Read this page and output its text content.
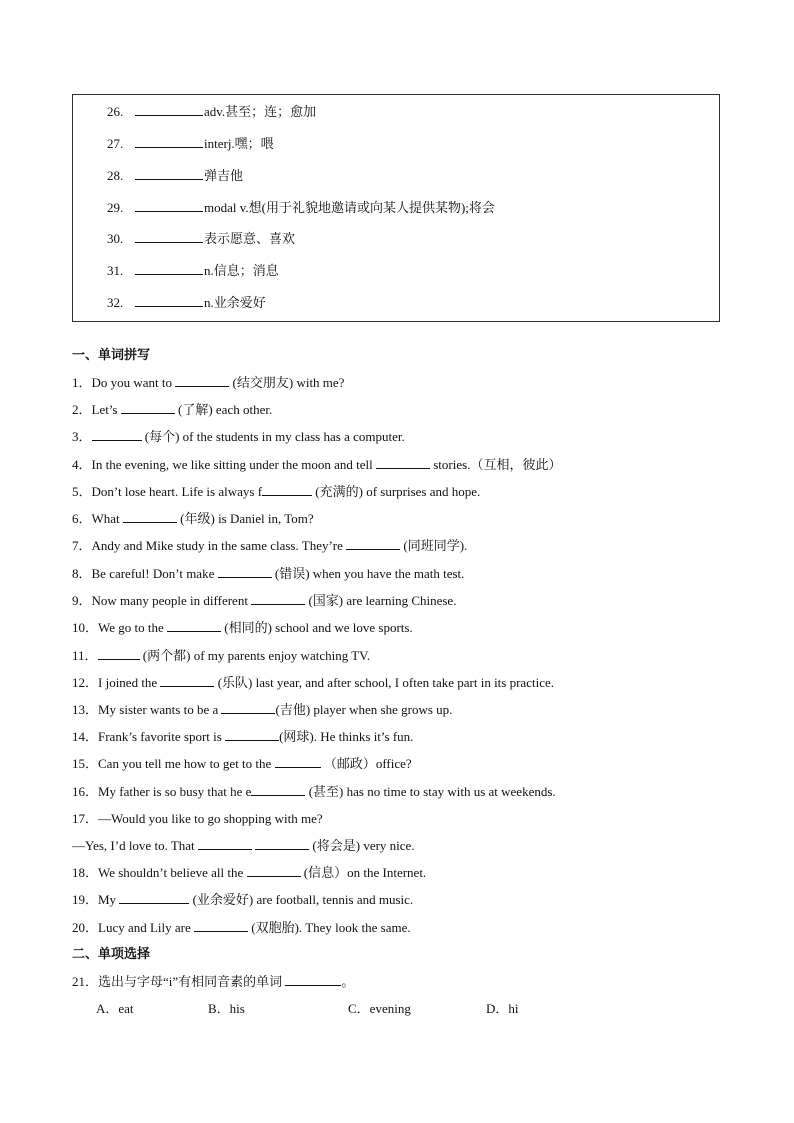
26.	adv.甚至；连；愈加
27.	interj.嘿；喂
28.	弹吉他
29.	modal v.想(用于礼貌地邀请或向某人提供某物);将会
30.	表示愿意、喜欢
31.	n.信息；消息
32.	n.业余爱好
一、单词拼写
1．Do you want to	(结交朋友) with me?
2．Let’s	(了解) each other.
3．	(每个) of the students in my class has a computer.
4．In the evening, we like sitting under the moon and tell	stories.（互相，彼此）
5．Don’t lose heart. Life is always f	(充满的) of surprises and hope.
6．What	(年级) is Daniel in, Tom?
7．Andy and Mike study in the same class. They’re	(同班同学).
8．Be careful! Don’t make	(错误) when you have the math test.
9．Now many people in different	(国家) are learning Chinese.
10．We go to the	(相同的) school and we love sports.
11．	(两个都) of my parents enjoy watching TV.
12．I joined the	(乐队) last year, and after school, I often take part in its practice.
13．My sister wants to be a	(吉他) player when she grows up.
14．Frank’s favorite sport is	(网球). He thinks it’s fun.
15．Can you tell me how to get to the	（邮政）office?
16．My father is so busy that he e	(甚至) has no time to stay with us at weekends.
17．—Would you like to go shopping with me?
—Yes, I’d love to. That	(将会是) very nice.
18．We shouldn’t believe all the	(信息）on the Internet.
19．My	(业余爱好) are football, tennis and music.
20．Lucy and Lily are	(双胞胎). They look the same.
二、单项选择
21．选出与字母“i”有相同音素的单词	。
A．eat	B．his	C．evening	D．hi
